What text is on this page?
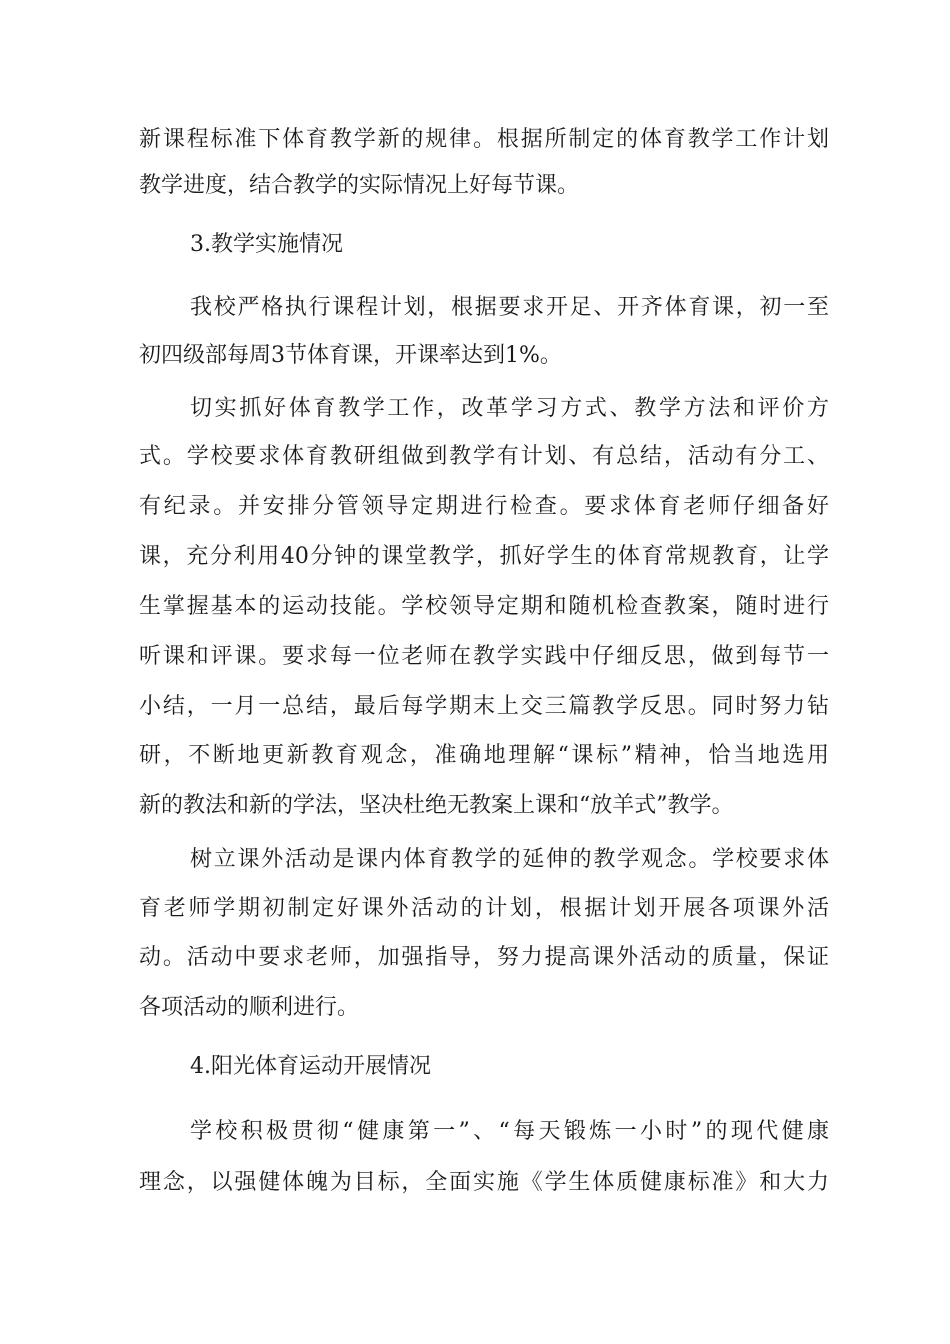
新课程标准下体育教学新的规律。根据所制定的体育教学工作计划
教学进度，结合教学的实际情况上好每节课。
3.教学实施情况
我校严格执行课程计划，根据要求开足、开齐体育课，初一至
初四级部每周3节体育课，开课率达到1%。
切实抓好体育教学工作，改革学习方式、教学方法和评价方
式。学校要求体育教研组做到教学有计划、有总结，活动有分工、
有纪录。并安排分管领导定期进行检查。要求体育老师仔细备好
课，充分利用40分钟的课堂教学，抓好学生的体育常规教育，让学
生掌握基本的运动技能。学校领导定期和随机检查教案，随时进行
听课和评课。要求每一位老师在教学实践中仔细反思，做到每节一
小结，一月一总结，最后每学期末上交三篇教学反思。同时努力钻
研，不断地更新教育观念，准确地理解“课标”精神，恰当地选用
新的教法和新的学法，坚决杜绝无教案上课和“放羊式”教学。
树立课外活动是课内体育教学的延伸的教学观念。学校要求体
育老师学期初制定好课外活动的计划，根据计划开展各项课外活
动。活动中要求老师，加强指导，努力提高课外活动的质量，保证
各项活动的顺利进行。
4.阳光体育运动开展情况
学校积极贯彻“健康第一”、“每天锻炼一小时”的现代健康
理念，以强健体魄为目标，全面实施《学生体质健康标准》和大力
